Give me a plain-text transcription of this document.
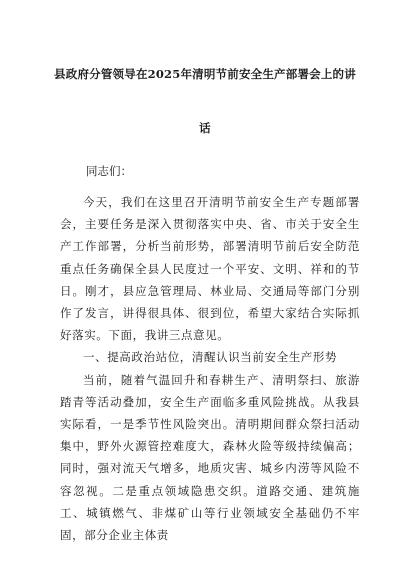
县政府分管领导在2025年清明节前安全生产部署会上的讲
话
同志们：

今天，我们在这里召开清明节前安全生产专题部署会，主要任务是深入贯彻落实中央、省、市关于安全生产工作部署，分析当前形势，部署清明节前后安全防范重点任务确保全县人民度过一个平安、文明、祥和的节日。刚才，县应急管理局、林业局、交通局等部门分别作了发言，讲得很具体、很到位，希望大家结合实际抓好落实。下面，我讲三点意见。

一、提高政治站位，清醒认识当前安全生产形势

当前，随着气温回升和春耕生产、清明祭扫、旅游踏青等活动叠加，安全生产面临多重风险挑战。从我县实际看，一是季节性风险突出。清明期间群众祭扫活动集中，野外火源管控难度大，森林火险等级持续偏高；同时，强对流天气增多，地质灾害、城乡内涝等风险不容忽视。二是重点领域隐患交织。道路交通、建筑施工、城镇燃气、非煤矿山等行业领域安全基础仍不牢固，部分企业主体责
